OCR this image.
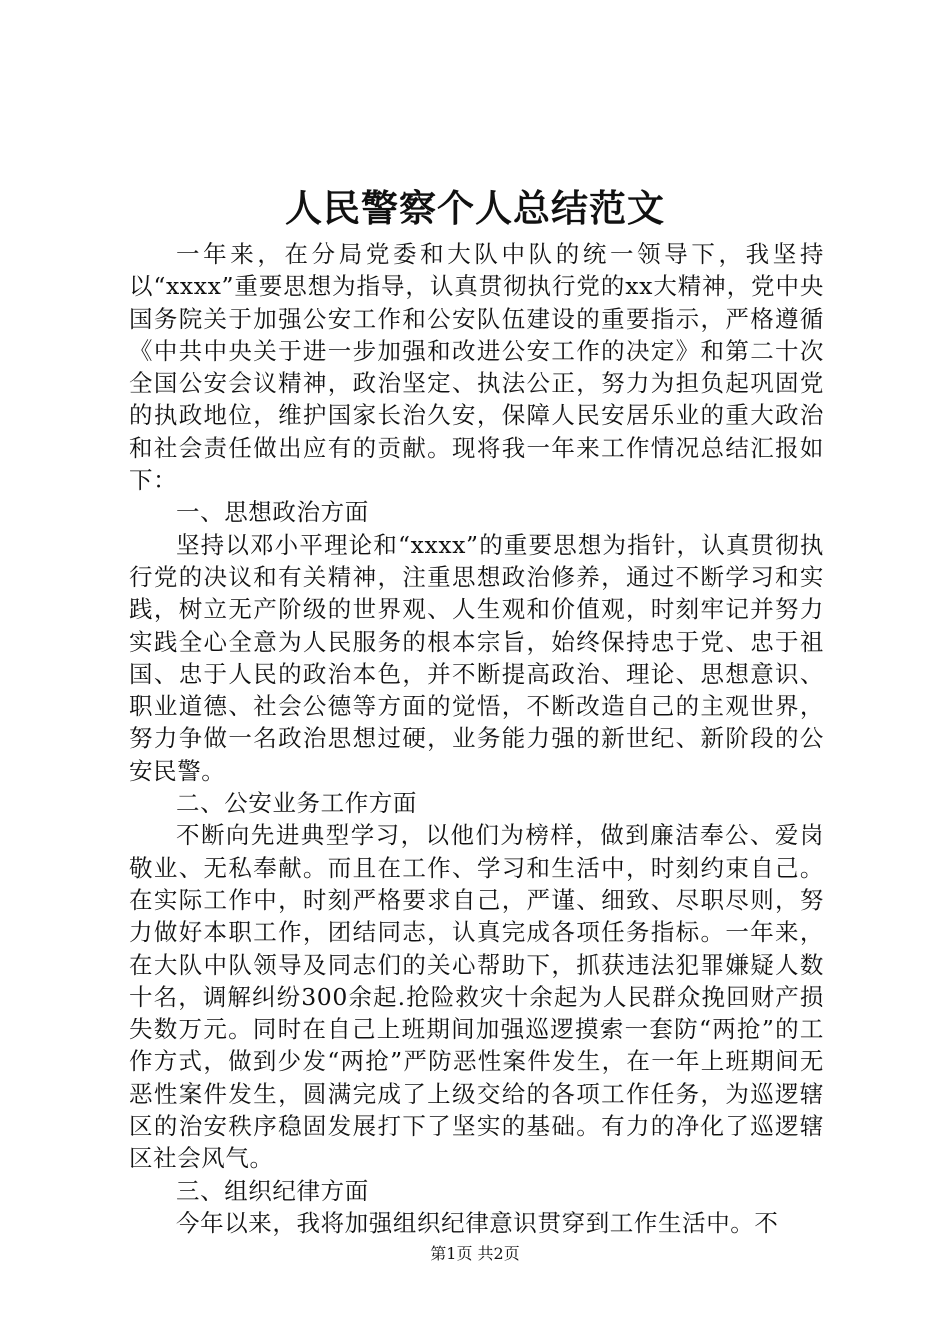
人民警察个人总结范文

一年来，在分局党委和大队中队的统一领导下，我坚持以“xxxx”重要思想为指导，认真贯彻执行党的xx大精神，党中央国务院关于加强公安工作和公安队伍建设的重要指示，严格遵循《中共中央关于进一步加强和改进公安工作的决定》和第二十次全国公安会议精神，政治坚定、执法公正，努力为担负起巩固党的执政地位，维护国家长治久安，保障人民安居乐业的重大政治和社会责任做出应有的贡献。现将我一年来工作情况总结汇报如下：

一、思想政治方面

坚持以邓小平理论和“xxxx”的重要思想为指针，认真贯彻执行党的决议和有关精神，注重思想政治修养，通过不断学习和实践，树立无产阶级的世界观、人生观和价值观，时刻牢记并努力实践全心全意为人民服务的根本宗旨，始终保持忠于党、忠于祖国、忠于人民的政治本色，并不断提高政治、理论、思想意识、职业道德、社会公德等方面的觉悟，不断改造自己的主观世界，努力争做一名政治思想过硬，业务能力强的新世纪、新阶段的公安民警。

二、公安业务工作方面

不断向先进典型学习，以他们为榜样，做到廉洁奉公、爱岗敬业、无私奉献。而且在工作、学习和生活中，时刻约束自己。在实际工作中，时刻严格要求自己，严谨、细致、尽职尽则，努力做好本职工作，团结同志，认真完成各项任务指标。一年来，在大队中队领导及同志们的关心帮助下，抓获违法犯罪嫌疑人数十名，调解纠纷300余起.抢险救灾十余起为人民群众挽回财产损失数万元。同时在自己上班期间加强巡逻摸索一套防“两抢”的工作方式，做到少发“两抢”严防恶性案件发生，在一年上班期间无恶性案件发生，圆满完成了上级交给的各项工作任务，为巡逻辖区的治安秩序稳固发展打下了坚实的基础。有力的净化了巡逻辖区社会风气。

三、组织纪律方面

今年以来，我将加强组织纪律意识贯穿到工作生活中。不

第1页 共2页
